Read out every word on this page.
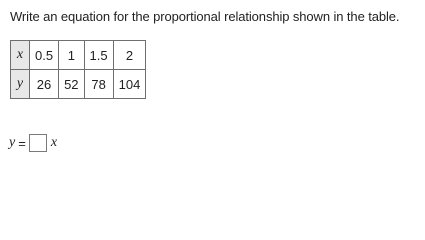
Write an equation for the proportional relationship shown in the table.
x	0.5	1	1.5	2
y	26	52	78	104
y = x
